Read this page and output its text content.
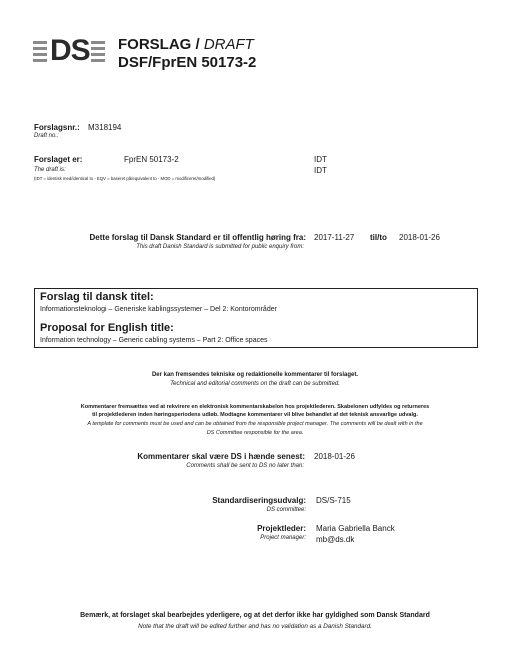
DS FORSLAG / DRAFT
DSF/FprEN 50173-2
Forslagsnr.: M318194
Draft no.:
Forslaget er:	FprEN 50173-2	IDT
The draft is:	IDT
(IDT = identisk med/identical to - EQV = baseret på/equivalent to - MOD = modificeret/modified)
Dette forslag til Dansk Standard er til offentlig høring fra:
This draft Danish Standard is submitted for public enquiry from:
2017-11-27 til/to 2018-01-26
Forslag til dansk titel:
Informationsteknologi – Generiske kablingssystemer – Del 2: Kontorområder
Proposal for English title:
Information technology – Generic cabling systems – Part 2: Office spaces
Der kan fremsendes tekniske og redaktionelle kommentarer til forslaget.
Technical and editorial comments on the draft can be submitted.
Kommentarer fremsættes ved at rekvirere en elektronisk kommentarskabelon hos projektlederen. Skabelonen udfyldes og returneres
til projektlederen inden høringsperiodens udløb. Modtagne kommentarer vil blive behandlet af det teknisk ansvarlige udvalg.
A template for comments must be used and can be obtained from the responsible project manager. The comments will be dealt with in the
DS Committee responsible for the area.
Kommentarer skal være DS i hænde senest:
Comments shall be sent to DS no later than:
2018-01-26
Standardiseringsudvalg:
DS committee:
DS/S-715
Projektleder:
Project manager:
Maria Gabriella Banck
mb@ds.dk
Bemærk, at forslaget skal bearbejdes yderligere, og at det derfor ikke har gyldighed som Dansk Standard
Note that the draft will be edited further and has no validation as a Danish Standard.
